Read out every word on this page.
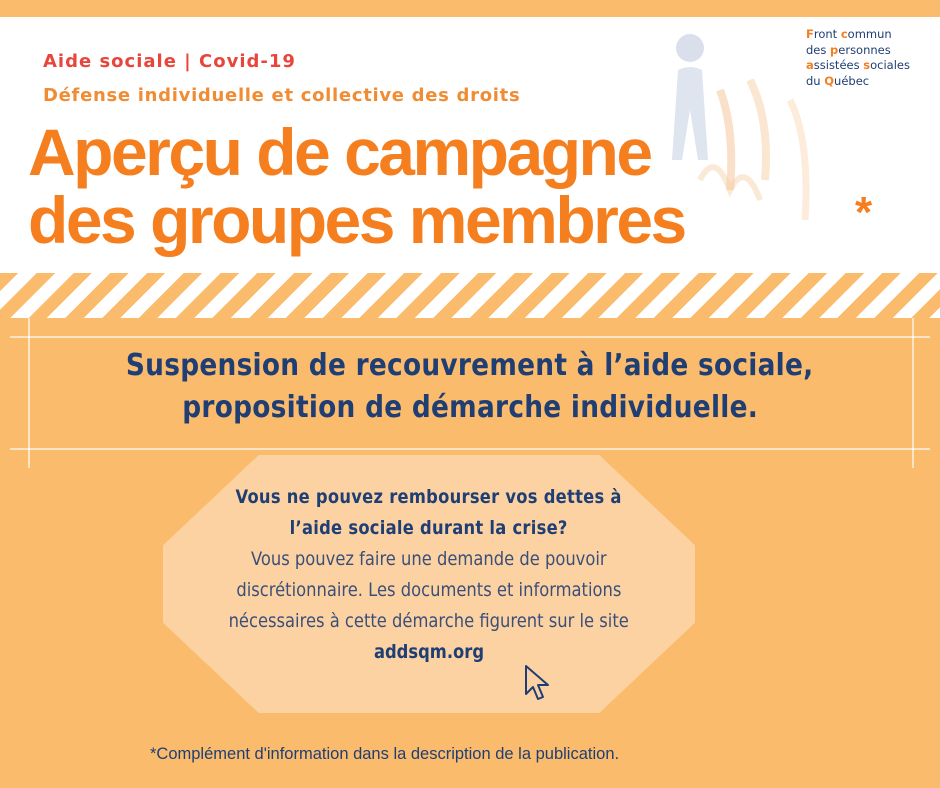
Front commun
des personnes
assistées sociales
du Québec
Aide sociale | Covid-19
Défense individuelle et collective des droits
Aperçu de campagne
des groupes membres	*
Suspension de recouvrement à l’aide sociale,
proposition de démarche individuelle.
Vous ne pouvez rembourser vos dettes à
l’aide sociale durant la crise?
Vous pouvez faire une demande de pouvoir
discrétionnaire. Les documents et informations
nécessaires à cette démarche figurent sur le site
addsqm.org
*Complément d'information dans la description de la publication.
